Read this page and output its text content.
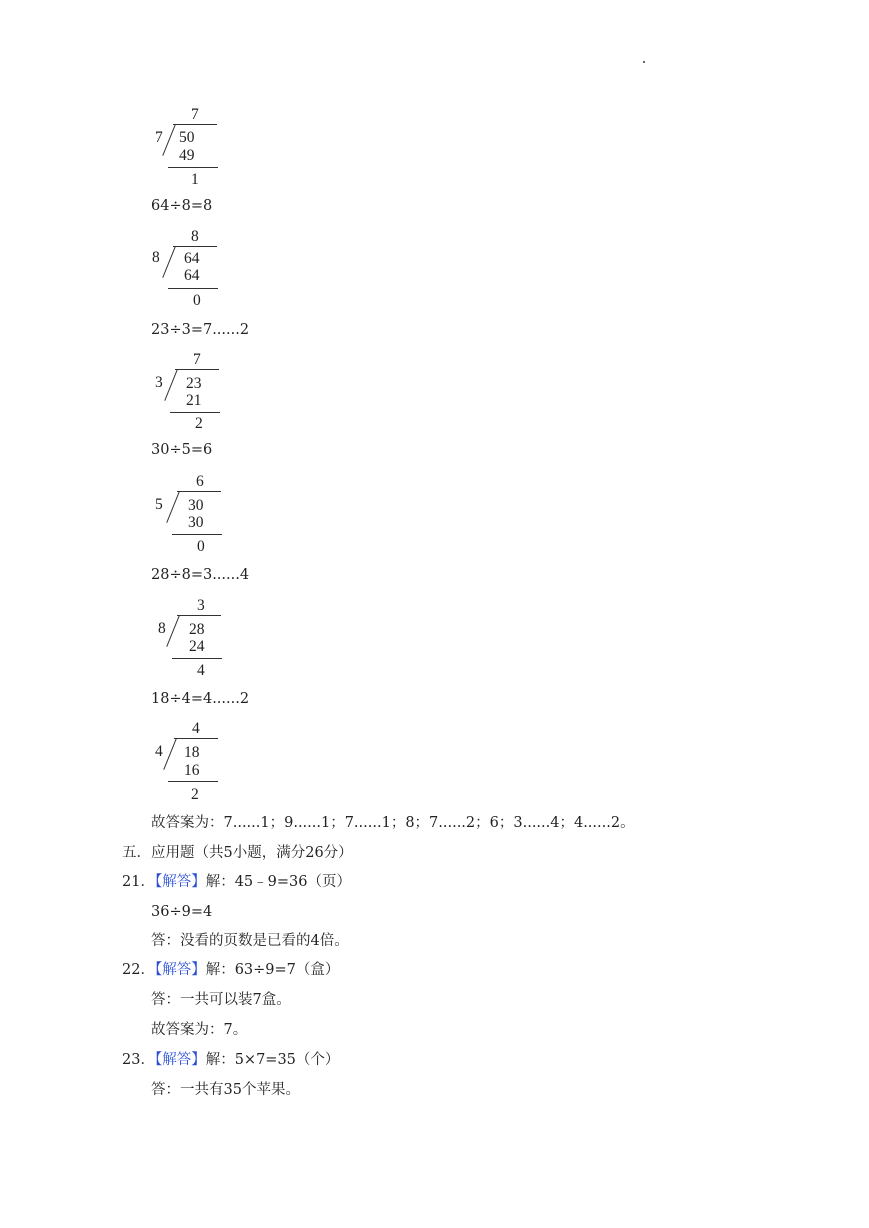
7
7 50
49
1
64÷8=8
8
8 64
64
0
23÷3=7......2
7
3 23
21
2
30÷5=6
6
5 30
30
0
28÷8=3......4
3
8 28
24
4
18÷4=4......2
4
4 18
16
2
故答案为：7......1；9......1；7......1；8；7......2；6；3......4；4......2。
五．应用题（共5小题，满分26分）
21．【解答】解：45﹣9=36（页）
36÷9=4
答：没看的页数是已看的4倍。
22．【解答】解：63÷9=7（盒）
答：一共可以装7盒。
故答案为：7。
23．【解答】解：5×7=35（个）
答：一共有35个苹果。
